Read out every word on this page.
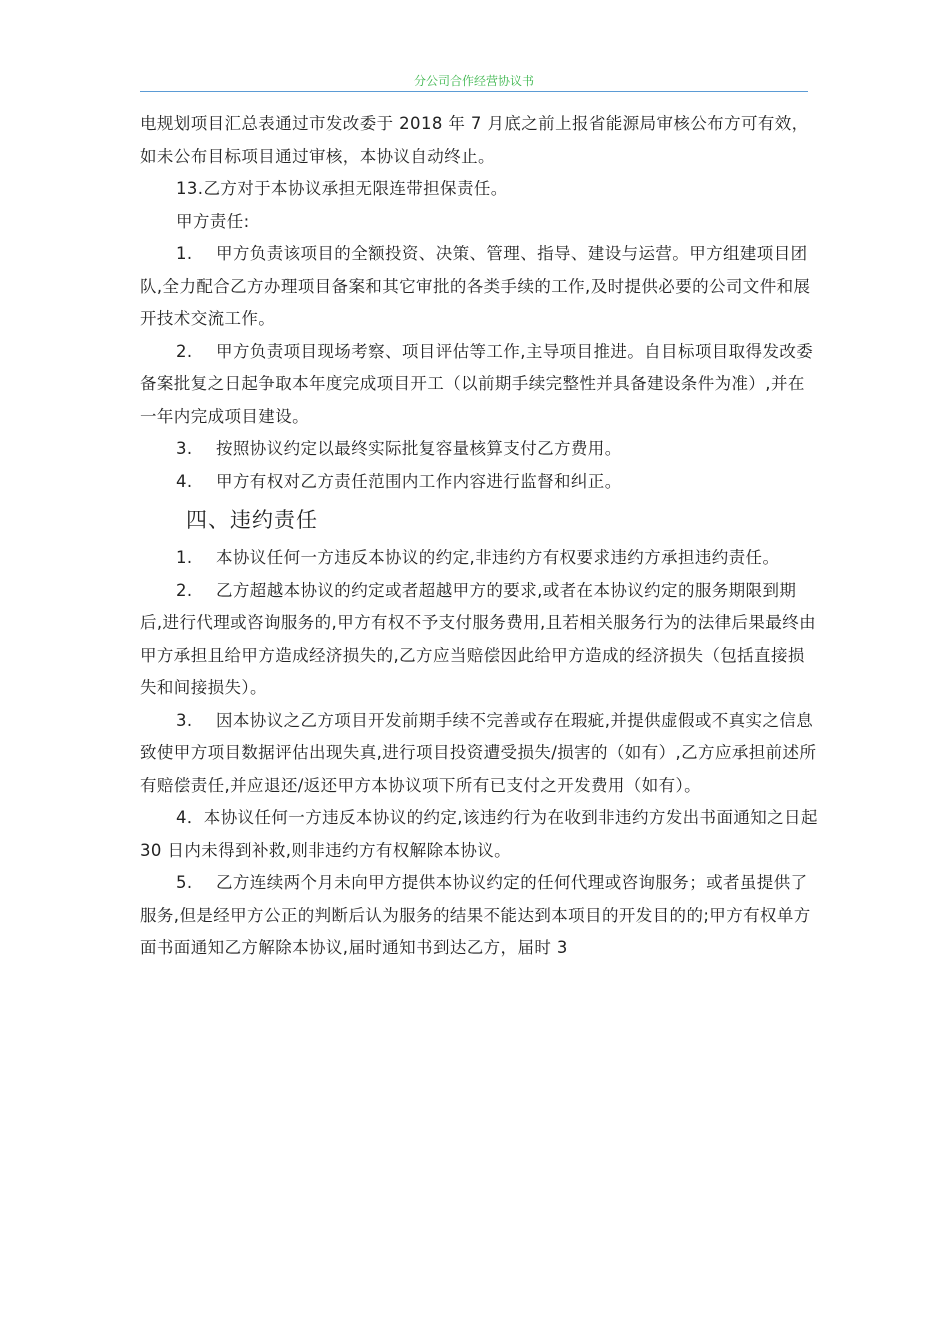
分公司合作经营协议书

电规划项目汇总表通过市发改委于 2018 年 7 月底之前上报省能源局审核公布方可有效，如未公布目标项目通过审核，本协议自动终止。

13.乙方对于本协议承担无限连带担保责任。

甲方责任:

1. 甲方负责该项目的全额投资、决策、管理、指导、建设与运营。甲方组建项目团队,全力配合乙方办理项目备案和其它审批的各类手续的工作,及时提供必要的公司文件和展开技术交流工作。

2. 甲方负责项目现场考察、项目评估等工作,主导项目推进。自目标项目取得发改委备案批复之日起争取本年度完成项目开工（以前期手续完整性并具备建设条件为准）,并在一年内完成项目建设。

3. 按照协议约定以最终实际批复容量核算支付乙方费用。

4. 甲方有权对乙方责任范围内工作内容进行监督和纠正。

四、违约责任

1. 本协议任何一方违反本协议的约定,非违约方有权要求违约方承担违约责任。

2. 乙方超越本协议的约定或者超越甲方的要求,或者在本协议约定的服务期限到期后,进行代理或咨询服务的,甲方有权不予支付服务费用,且若相关服务行为的法律后果最终由甲方承担且给甲方造成经济损失的,乙方应当赔偿因此给甲方造成的经济损失（包括直接损失和间接损失）。

3. 因本协议之乙方项目开发前期手续不完善或存在瑕疵,并提供虚假或不真实之信息致使甲方项目数据评估出现失真,进行项目投资遭受损失/损害的（如有）,乙方应承担前述所有赔偿责任,并应退还/返还甲方本协议项下所有已支付之开发费用（如有）。

4．本协议任何一方违反本协议的约定,该违约行为在收到非违约方发出书面通知之日起 30 日内未得到补救,则非违约方有权解除本协议。

5. 乙方连续两个月未向甲方提供本协议约定的任何代理或咨询服务；或者虽提供了服务,但是经甲方公正的判断后认为服务的结果不能达到本项目的开发目的的;甲方有权单方面书面通知乙方解除本协议,届时通知书到达乙方，届时 3
